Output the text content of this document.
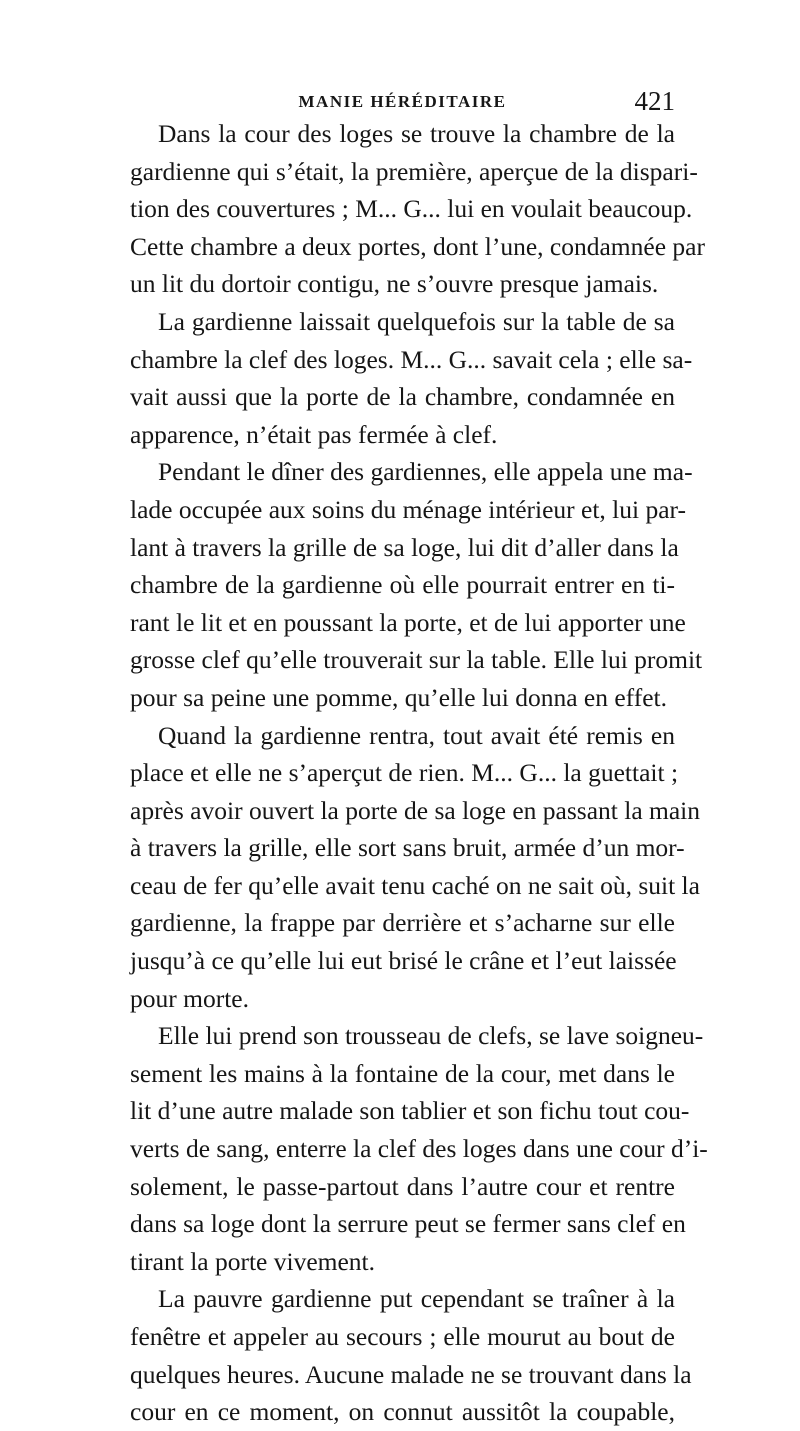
MANIE HÉRÉDITAIRE	421
Dans la cour des loges se trouve la chambre de la
gardienne qui s’était, la première, aperçue de la dispari-
tion des couvertures ; M... G... lui en voulait beaucoup.
Cette chambre a deux portes, dont l’une, condamnée par
un lit du dortoir contigu, ne s’ouvre presque jamais.
La gardienne laissait quelquefois sur la table de sa
chambre la clef des loges. M... G... savait cela ; elle sa-
vait aussi que la porte de la chambre, condamnée en
apparence, n’était pas fermée à clef.
Pendant le dîner des gardiennes, elle appela une ma-
lade occupée aux soins du ménage intérieur et, lui par-
lant à travers la grille de sa loge, lui dit d’aller dans la
chambre de la gardienne où elle pourrait entrer en ti-
rant le lit et en poussant la porte, et de lui apporter une
grosse clef qu’elle trouverait sur la table. Elle lui promit
pour sa peine une pomme, qu’elle lui donna en effet.
Quand la gardienne rentra, tout avait été remis en
place et elle ne s’aperçut de rien. M... G... la guettait ;
après avoir ouvert la porte de sa loge en passant la main
à travers la grille, elle sort sans bruit, armée d’un mor-
ceau de fer qu’elle avait tenu caché on ne sait où, suit la
gardienne, la frappe par derrière et s’acharne sur elle
jusqu’à ce qu’elle lui eut brisé le crâne et l’eut laissée
pour morte.
Elle lui prend son trousseau de clefs, se lave soigneu-
sement les mains à la fontaine de la cour, met dans le
lit d’une autre malade son tablier et son fichu tout cou-
verts de sang, enterre la clef des loges dans une cour d’i-
solement, le passe-partout dans l’autre cour et rentre
dans sa loge dont la serrure peut se fermer sans clef en
tirant la porte vivement.
La pauvre gardienne put cependant se traîner à la
fenêtre et appeler au secours ; elle mourut au bout de
quelques heures. Aucune malade ne se trouvant dans la
cour en ce moment, on connut aussitôt la coupable,
